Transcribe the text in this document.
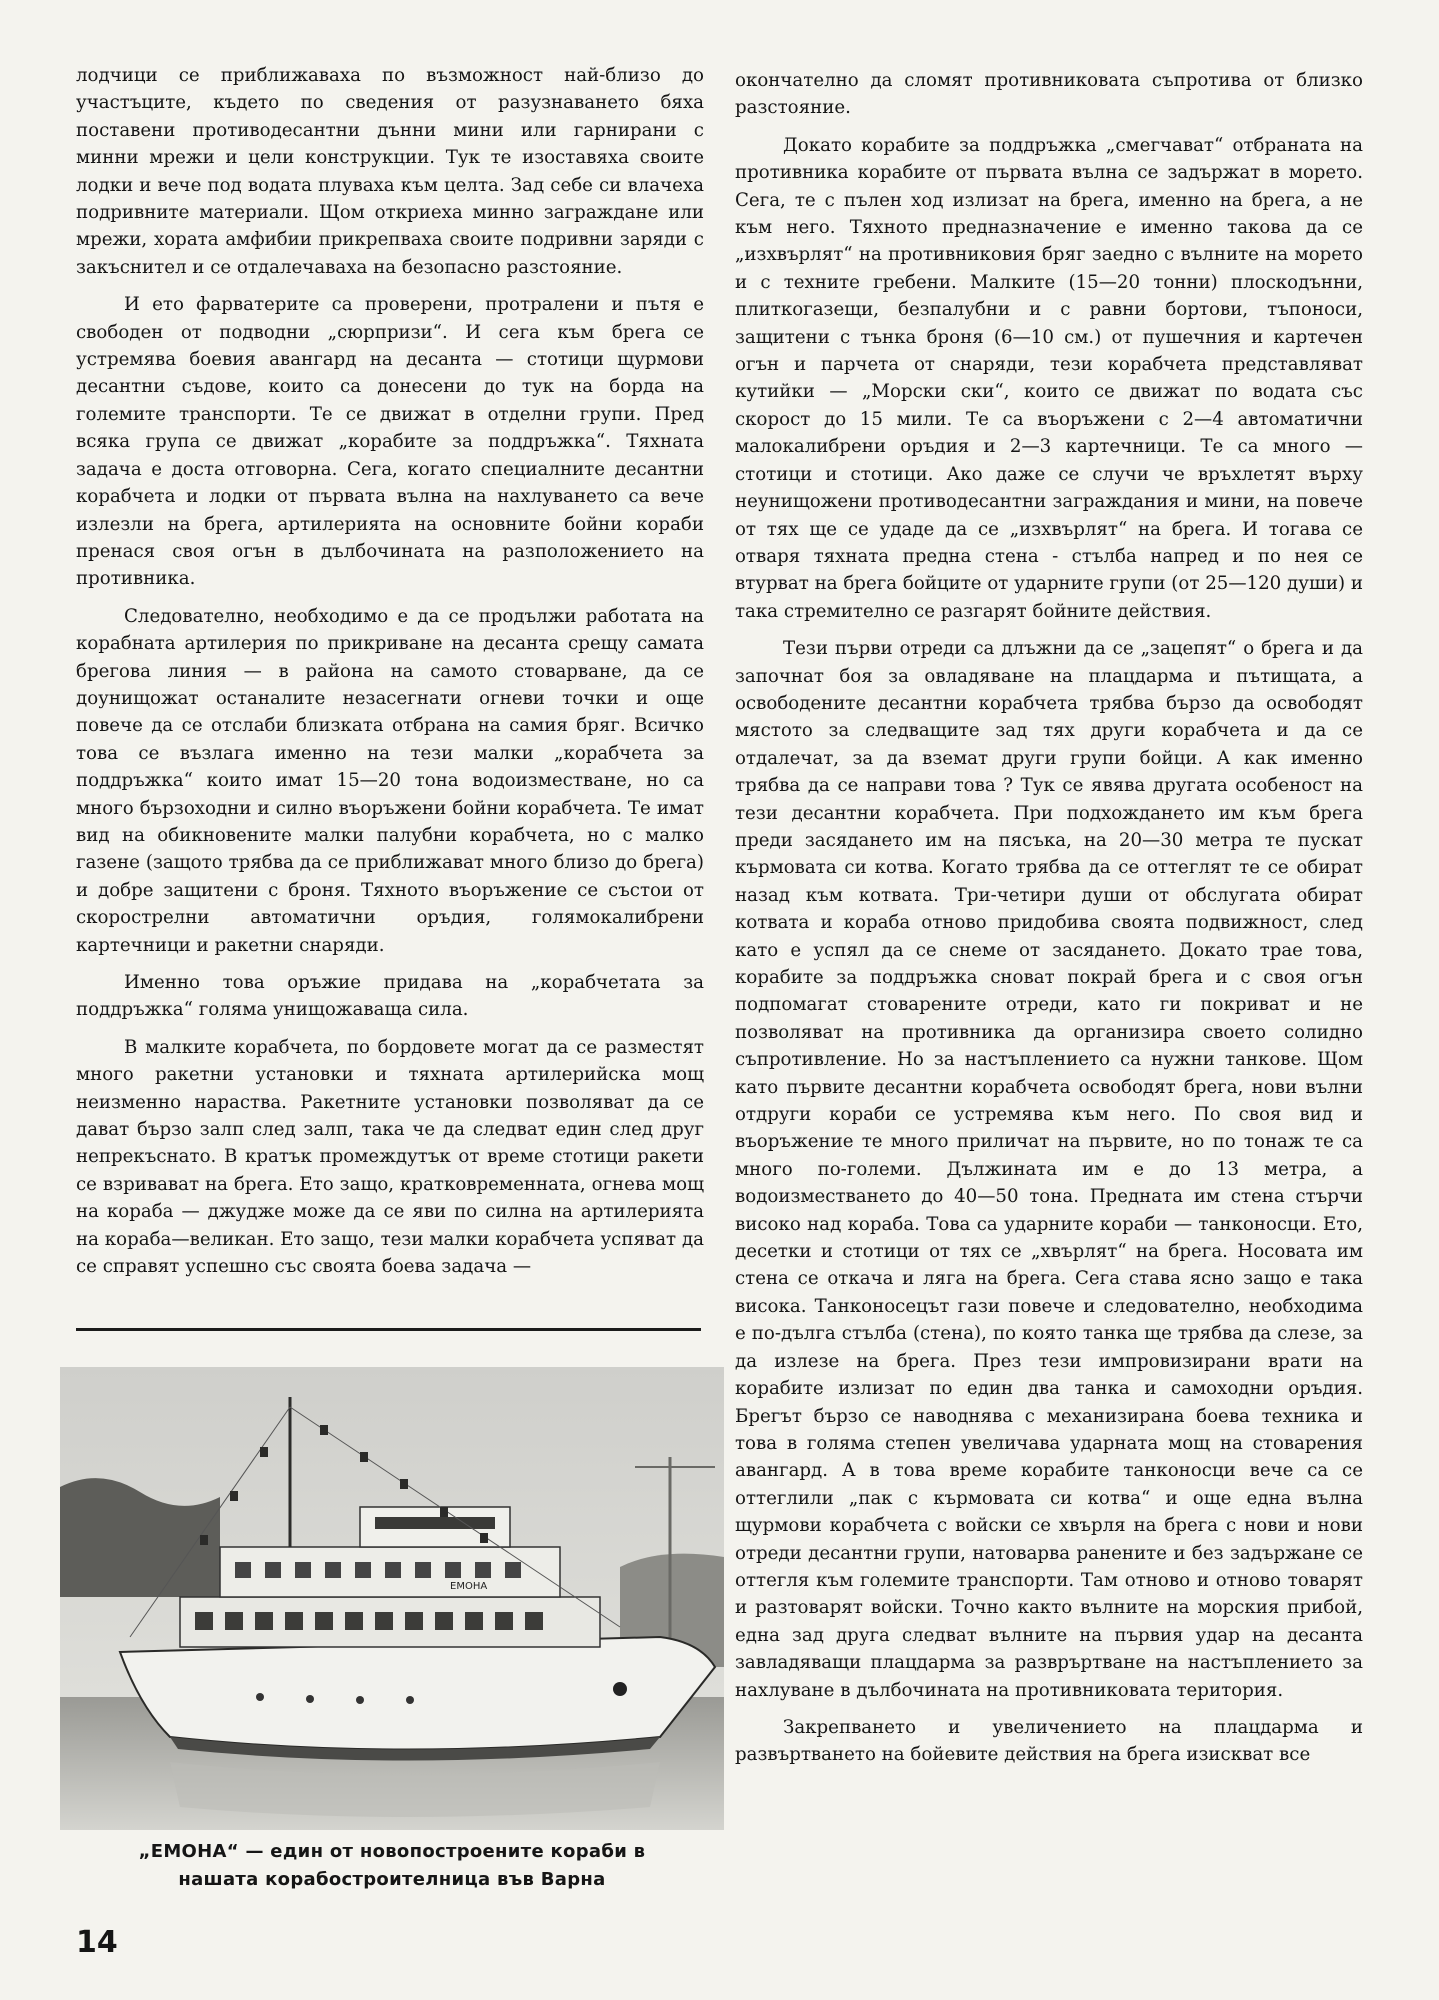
лодчици се приближаваха по възможност най-близо до участъците, където по сведения от разузнаването бяха поставени противодесантни дънни мини или гарнирани с минни мрежи и цели конструкции. Тук те изоставяха своите лодки и вече под водата плуваха към целта. Зад себе си влачеха подривните материали. Щом откриеха минно заграждане или мрежи, хората амфибии прикрепваха своите подривни заряди с закъснител и се отдалечаваха на безопасно разстояние.

И ето фарватерите са проверени, протралени и пътя е свободен от подводни „сюрпризи“. И сега към брега се устремява боевия авангард на десанта — стотици щурмови десантни съдове, които са донесени до тук на борда на големите транспорти. Те се движат в отделни групи. Пред всяка група се движат „корабите за поддръжка“. Тяхната задача е доста отговорна. Сега, когато специалните десантни корабчета и лодки от първата вълна на нахлуването са вече излезли на брега, артилерията на основните бойни кораби пренася своя огън в дълбочината на разположението на противника.

Следователно, необходимо е да се продължи работата на корабната артилерия по прикриване на десанта срещу самата брегова линия — в района на самото стоварване, да се доунищожат останалите незасегнати огневи точки и още повече да се отслаби близката отбрана на самия бряг. Всичко това се възлага именно на тези малки „корабчета за поддръжка“ които имат 15—20 тона водоизместване, но са много бързоходни и силно въоръжени бойни корабчета. Те имат вид на обикновените малки палубни корабчета, но с малко газене (защото трябва да се приближават много близо до брега) и добре защитени с броня. Тяхното въоръжение се състои от скорострелни автоматични оръдия, голямокалибрени картечници и ракетни снаряди.

Именно това оръжие придава на „корабчетата за поддръжка“ голяма унищожаваща сила.

В малките корабчета, по бордовете могат да се разместят много ракетни установки и тяхната артилерийска мощ неизменно нараства. Ракетните установки позволяват да се дават бързо залп след залп, така че да следват един след друг непрекъснато. В кратък промеждутък от време стотици ракети се взривават на брега. Ето защо, кратковременната, огнева мощ на кораба — джудже може да се яви по силна на артилерията на кораба—великан. Ето защо, тези малки корабчета успяват да се справят успешно със своята боева задача —

ЕМОНА
„ЕМОНА“ — един от новопостроените кораби в
нашата корабостроителница във Варна

окончателно да сломят противниковата съпротива от близко разстояние.

Докато корабите за поддръжка „смегчават“ отбраната на противника корабите от първата вълна се задържат в морето. Сега, те с пълен ход излизат на брега, именно на брега, а не към него. Тяхното предназначение е именно такова да се „изхвърлят“ на противниковия бряг заедно с вълните на морето и с техните гребени. Малките (15—20 тонни) плоскодънни, плиткогазещи, безпалубни и с равни бортови, тъпоноси, защитени с тънка броня (6—10 см.) от пушечния и картечен огън и парчета от снаряди, тези корабчета представляват кутийки — „Морски ски“, които се движат по водата със скорост до 15 мили. Те са въоръжени с 2—4 автоматични малокалибрени оръдия и 2—3 картечници. Те са много — стотици и стотици. Ако даже се случи че връхлетят върху неунищожени противодесантни заграждания и мини, на повече от тях ще се удаде да се „изхвърлят“ на брега. И тогава се отваря тяхната предна стена - стълба напред и по нея се втурват на брега бойците от ударните групи (от 25—120 души) и така стремително се разгарят бойните действия.

Тези първи отреди са длъжни да се „зацепят“ о брега и да започнат боя за овладяване на плацдарма и пътищата, а освободените десантни корабчета трябва бързо да освободят мястото за следващите зад тях други корабчета и да се отдалечат, за да вземат други групи бойци. А как именно трябва да се направи това ? Тук се явява другата особеност на тези десантни корабчета. При подхождането им към брега преди засядането им на пясъка, на 20—30 метра те пускат кърмовата си котва. Когато трябва да се оттеглят те се обират назад към котвата. Три-четири души от обслугата обират котвата и кораба отново придобива своята подвижност, след като е успял да се снеме от засядането. Докато трае това, корабите за поддръжка сноват покрай брега и с своя огън подпомагат стоварените отреди, като ги покриват и не позволяват на противника да организира своето солидно съпротивление. Но за настъплението са нужни танкове. Щом като първите десантни корабчета освободят брега, нови вълни отдруги кораби се устремява към него. По своя вид и въоръжение те много приличат на първите, но по тонаж те са много по-големи. Дължината им е до 13 метра, а водоизместването до 40—50 тона. Предната им стена стърчи високо над кораба. Това са ударните кораби — танконосци. Ето, десетки и стотици от тях се „хвърлят“ на брега. Носовата им стена се откача и ляга на брега. Сега става ясно защо е така висока. Танконосецът гази повече и следователно, необходима е по-дълга стълба (стена), по която танка ще трябва да слезе, за да излезе на брега. През тези импровизирани врати на корабите излизат по един два танка и самоходни оръдия. Брегът бързо се наводнява с механизирана боева техника и това в голяма степен увеличава ударната мощ на стоварения авангард. А в това време корабите танконосци вече са се оттеглили „пак с кърмовата си котва“ и още една вълна щурмови корабчета с войски се хвърля на брега с нови и нови отреди десантни групи, натоварва ранените и без задържане се оттегля към големите транспорти. Там отново и отново товарят и разтоварят войски. Точно както вълните на морския прибой, една зад друга следват вълните на първия удар на десанта завладяващи плацдарма за развръртване на настъплението за нахлуване в дълбочината на противниковата територия.

Закрепването и увеличението на плацдарма и развъртването на бойевите действия на брега изискват все

14
